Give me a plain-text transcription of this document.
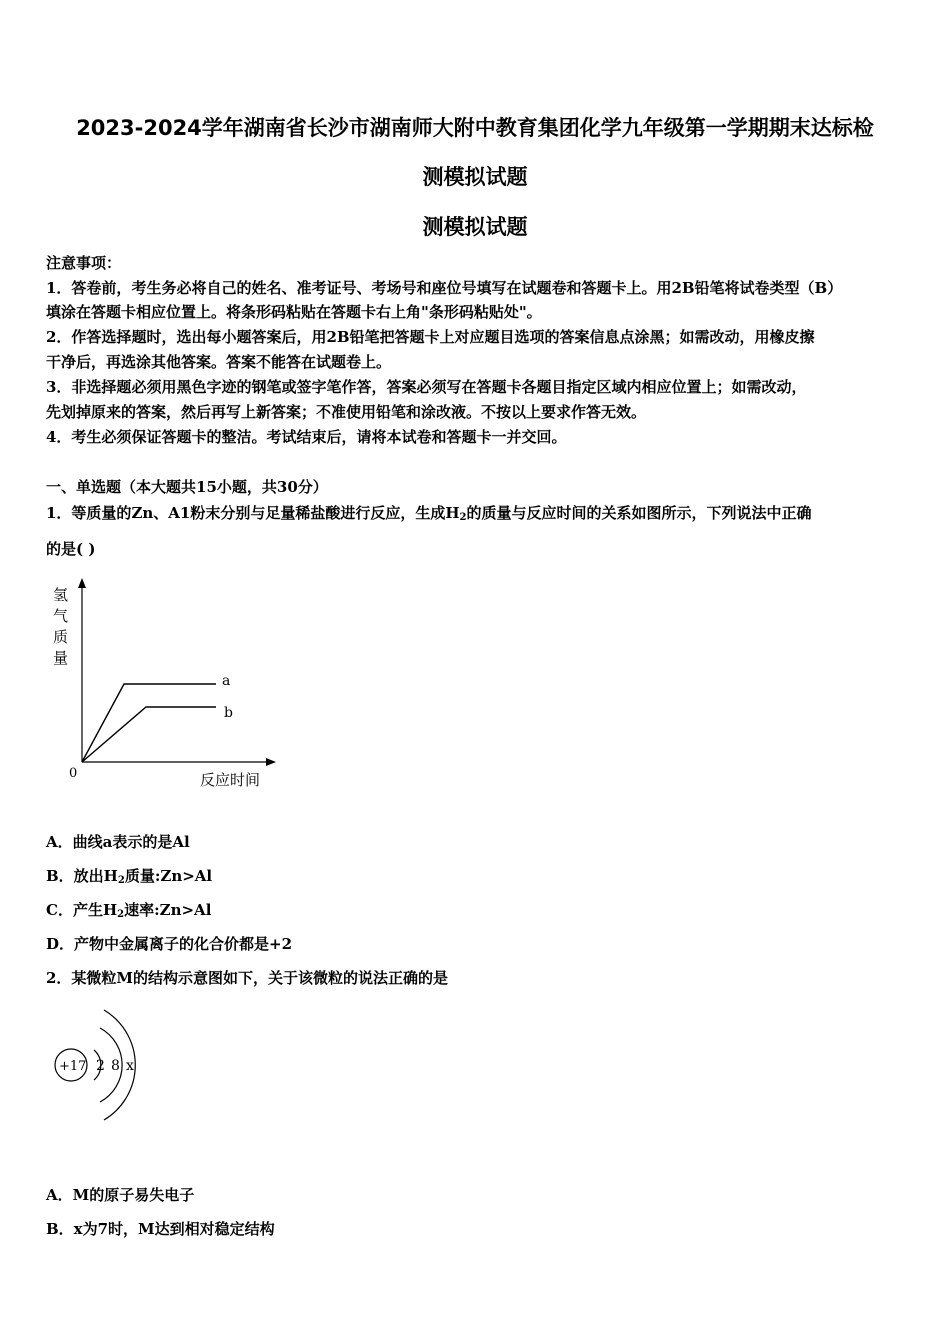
2023-2024学年湖南省长沙市湖南师大附中教育集团化学九年级第一学期期末达标检
测模拟试题
测模拟试题
注意事项：
1．答卷前，考生务必将自己的姓名、准考证号、考场号和座位号填写在试题卷和答题卡上。用2B铅笔将试卷类型（B）
填涂在答题卡相应位置上。将条形码粘贴在答题卡右上角"条形码粘贴处"。
2．作答选择题时，选出每小题答案后，用2B铅笔把答题卡上对应题目选项的答案信息点涂黑；如需改动，用橡皮擦
干净后，再选涂其他答案。答案不能答在试题卷上。
3．非选择题必须用黑色字迹的钢笔或签字笔作答，答案必须写在答题卡各题目指定区域内相应位置上；如需改动，
先划掉原来的答案，然后再写上新答案；不准使用铅笔和涂改液。不按以上要求作答无效。
4．考生必须保证答题卡的整洁。考试结束后，请将本试卷和答题卡一并交回。
一、单选题（本大题共15小题，共30分）
1．等质量的Zn、A1粉末分别与足量稀盐酸进行反应，生成$H_2$的质量与反应时间的关系如图所示，下列说法中正确
的是( )
氢
气
质
量
a
b
0	反应时间
A．曲线a表示的是Al
B．放出$H_2$质量:Zn>Al
C．产生$H_2$速率:Zn>Al
D．产物中金属离子的化合价都是+2
2．某微粒M的结构示意图如下，关于该微粒的说法正确的是
+17 2 8 x
A．M的原子易失电子
B．x为7时，M达到相对稳定结构
